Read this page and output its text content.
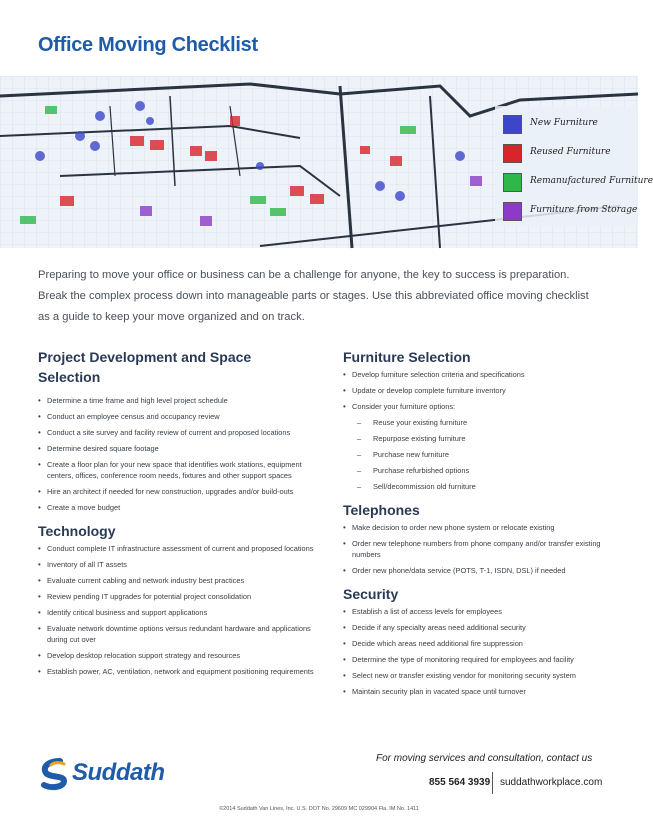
Office Moving Checklist
New Furniture
Reused Furniture
Remanufactured Furniture
Furniture from Storage

Preparing to move your office or business can be a challenge for anyone, the key to success is preparation.

Break the complex process down into manageable parts or stages. Use this abbreviated office moving checklist

as a guide to keep your move organized and on track.

Project Development and Space Selection
• Determine a time frame and high level project schedule
• Conduct an employee census and occupancy review
• Conduct a site survey and facility review of current and proposed locations
• Determine desired square footage
• Create a floor plan for your new space that identifies work stations, equipment centers, offices, conference room needs, fixtures and other support spaces
• Hire an architect if needed for new construction, upgrades and/or build-outs
• Create a move budget
Technology
• Conduct complete IT infrastructure assessment of current and proposed locations
• Inventory of all IT assets
• Evaluate current cabling and network industry best practices
• Review pending IT upgrades for potential project consolidation
• Identify critical business and support applications
• Evaluate network downtime options versus redundant hardware and applications during cut over
• Develop desktop relocation support strategy and resources
• Establish power, AC, ventilation, network and equipment positioning requirements
Furniture Selection
• Develop furniture selection criteria and specifications
• Update or develop complete furniture inventory
• Consider your furniture options:
– Reuse your existing furniture
– Repurpose existing furniture
– Purchase new furniture
– Purchase refurbished options
– Sell/decommission old furniture
Telephones
• Make decision to order new phone system or relocate existing
• Order new telephone numbers from phone company and/or transfer existing numbers
• Order new phone/data service (POTS, T-1, ISDN, DSL) if needed
Security
• Establish a list of access levels for employees
• Decide if any specialty areas need additional security
• Decide which areas need additional fire suppression
• Determine the type of monitoring required for employees and facility
• Select new or transfer existing vendor for monitoring security system
• Maintain security plan in vacated space until turnover
Suddath
For moving services and consultation, contact us
855 564 3939 suddathworkplace.com
©2014 Suddath Van Lines, Inc. U.S. DOT No. 29609 MC 029904 Fla. IM No. 1411
